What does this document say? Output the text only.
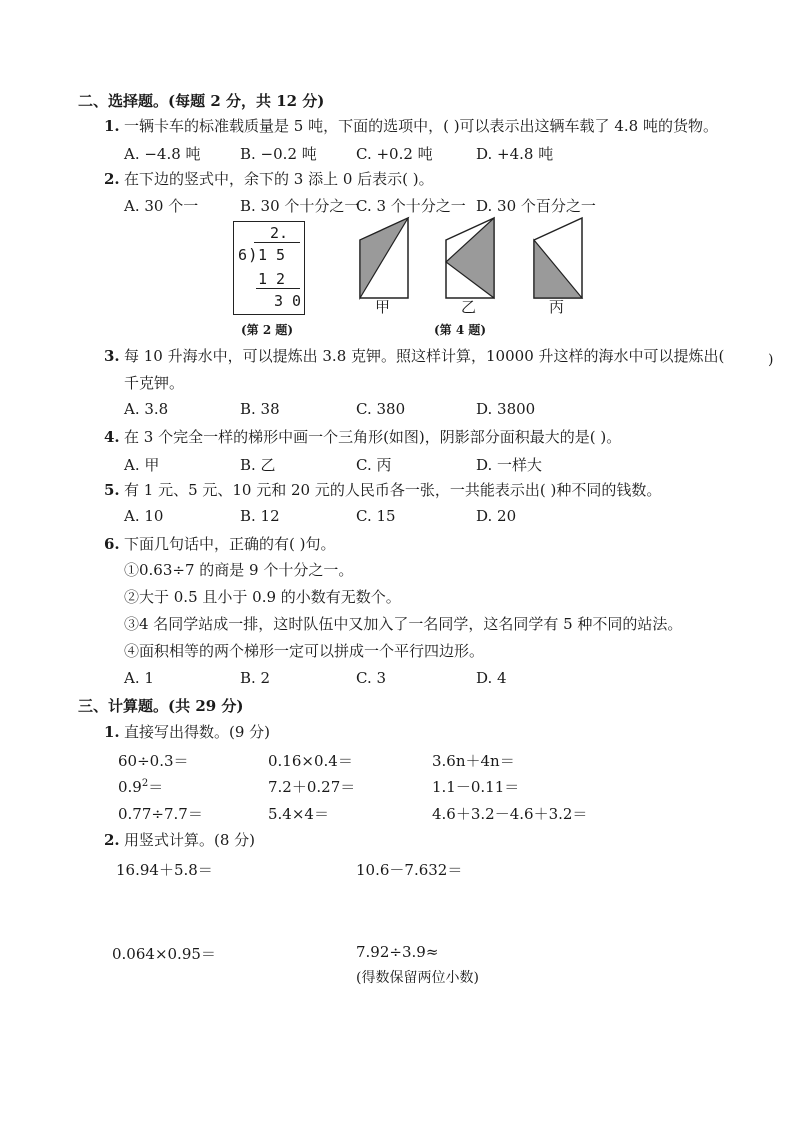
二、选择题。(每题 2 分，共 12 分)
1. 一辆卡车的标准载质量是 5 吨，下面的选项中，( )可以表示出这辆车载了 4.8 吨的货物。
A. −4.8 吨	B. −0.2 吨	C. +0.2 吨	D. +4.8 吨
2. 在下边的竖式中，余下的 3 添上 0 后表示( )。
A. 30 个一	B. 30 个十分之一
C. 3 个十分之一 D. 30 个百分之一
2.
6 ) 1 5
1 2
3 0
(第 2 题)
甲	乙	丙
(第 4 题)
3. 每 10 升海水中，可以提炼出 3.8 克钾。照这样计算，10000 升这样的海水中可以提炼出(	)
千克钾。
A. 3.8	B. 38	C. 380	D. 3800
4. 在 3 个完全一样的梯形中画一个三角形(如图)，阴影部分面积最大的是( )。
A. 甲	B. 乙	C. 丙	D. 一样大
5. 有 1 元、5 元、10 元和 20 元的人民币各一张，一共能表示出( )种不同的钱数。
A. 10	B. 12	C. 15	D. 20
6. 下面几句话中，正确的有( )句。
①0.63÷7 的商是 9 个十分之一。
②大于 0.5 且小于 0.9 的小数有无数个。
③4 名同学站成一排，这时队伍中又加入了一名同学，这名同学有 5 种不同的站法。
④面积相等的两个梯形一定可以拼成一个平行四边形。
A. 1	B. 2	C. 3	D. 4
三、计算题。(共 29 分)
1. 直接写出得数。(9 分)
60÷0.3＝	0.16×0.4＝	3.6n＋4n＝
$0.9^2=$	7.2＋0.27＝	1.1－0.11＝
0.77÷7.7＝	5.4×4＝	4.6＋3.2－4.6＋3.2＝
2. 用竖式计算。(8 分)
16.94＋5.8＝	10.6－7.632＝
0.064×0.95＝	7.92÷3.9≈
(得数保留两位小数)
